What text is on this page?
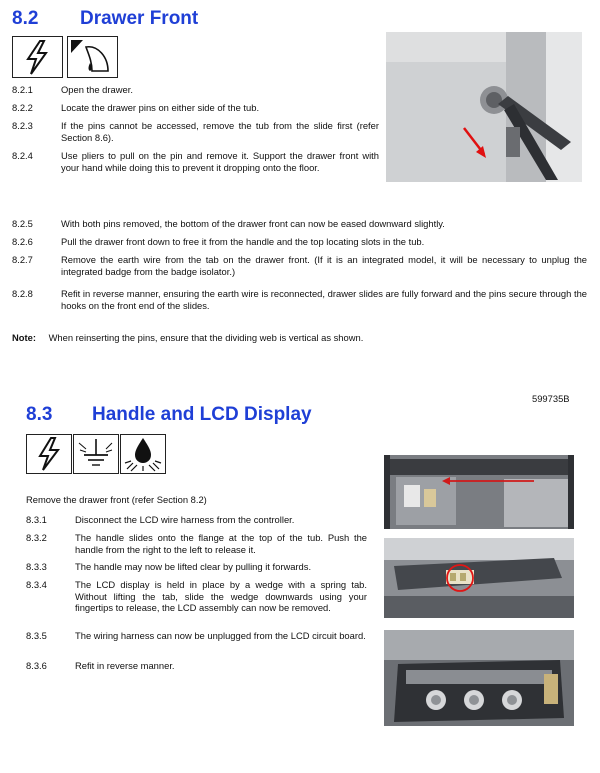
8.2 Drawer Front
8.2.1	Open the drawer.
8.2.2	Locate the drawer pins on either side of the tub.
8.2.3	If the pins cannot be accessed, remove the tub from the slide first (refer Section 8.6).
8.2.4	Use pliers to pull on the pin and remove it. Support the drawer front with your hand while doing this to prevent it dropping onto the floor.
8.2.5	With both pins removed, the bottom of the drawer front can now be eased downward slightly.
8.2.6	Pull the drawer front down to free it from the handle and the top locating slots in the tub.
8.2.7	Remove the earth wire from the tab on the drawer front. (If it is an integrated model, it will be necessary to unplug the integrated badge from the badge isolator.)
8.2.8	Refit in reverse manner, ensuring the earth wire is reconnected, drawer slides are fully forward and the pins secure through the hooks on the front end of the slides.
Note: When reinserting the pins, ensure that the dividing web is vertical as shown.
599735B
8.3 Handle and LCD Display
Remove the drawer front (refer Section 8.2)
8.3.1	Disconnect the LCD wire harness from the controller.
8.3.2	The handle slides onto the flange at the top of the tub. Push the handle from the right to the left to release it.
8.3.3	The handle may now be lifted clear by pulling it forwards.
8.3.4	The LCD display is held in place by a wedge with a spring tab. Without lifting the tab, slide the wedge downwards using your fingertips to release, the LCD assembly can now be removed.
8.3.5	The wiring harness can now be unplugged from the LCD circuit board.
8.3.6	Refit in reverse manner.
